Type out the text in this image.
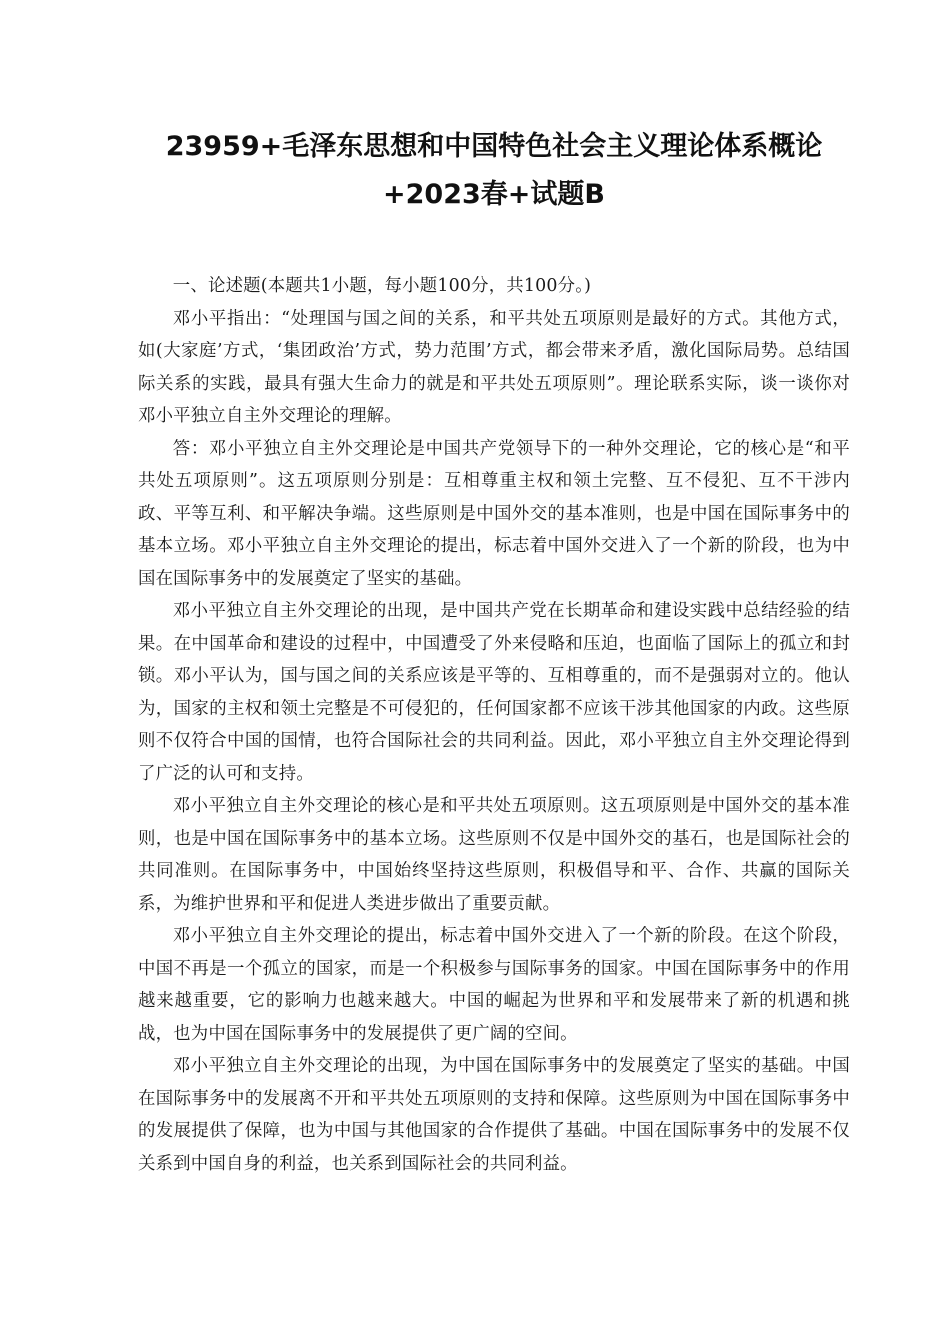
23959+毛泽东思想和中国特色社会主义理论体系概论
+2023春+试题B

一、论述题(本题共1小题，每小题100分，共100分。)

邓小平指出：“处理国与国之间的关系，和平共处五项原则是最好的方式。其他方式，如(大家庭’方式，‘集团政治’方式，势力范围’方式，都会带来矛盾，激化国际局势。总结国际关系的实践，最具有强大生命力的就是和平共处五项原则”。理论联系实际，谈一谈你对邓小平独立自主外交理论的理解。

答：邓小平独立自主外交理论是中国共产党领导下的一种外交理论，它的核心是“和平共处五项原则”。这五项原则分别是：互相尊重主权和领土完整、互不侵犯、互不干涉内政、平等互利、和平解决争端。这些原则是中国外交的基本准则，也是中国在国际事务中的基本立场。邓小平独立自主外交理论的提出，标志着中国外交进入了一个新的阶段，也为中国在国际事务中的发展奠定了坚实的基础。

邓小平独立自主外交理论的出现，是中国共产党在长期革命和建设实践中总结经验的结果。在中国革命和建设的过程中，中国遭受了外来侵略和压迫，也面临了国际上的孤立和封锁。邓小平认为，国与国之间的关系应该是平等的、互相尊重的，而不是强弱对立的。他认为，国家的主权和领土完整是不可侵犯的，任何国家都不应该干涉其他国家的内政。这些原则不仅符合中国的国情，也符合国际社会的共同利益。因此，邓小平独立自主外交理论得到了广泛的认可和支持。

邓小平独立自主外交理论的核心是和平共处五项原则。这五项原则是中国外交的基本准则，也是中国在国际事务中的基本立场。这些原则不仅是中国外交的基石，也是国际社会的共同准则。在国际事务中，中国始终坚持这些原则，积极倡导和平、合作、共赢的国际关系，为维护世界和平和促进人类进步做出了重要贡献。

邓小平独立自主外交理论的提出，标志着中国外交进入了一个新的阶段。在这个阶段，中国不再是一个孤立的国家，而是一个积极参与国际事务的国家。中国在国际事务中的作用越来越重要，它的影响力也越来越大。中国的崛起为世界和平和发展带来了新的机遇和挑战，也为中国在国际事务中的发展提供了更广阔的空间。

邓小平独立自主外交理论的出现，为中国在国际事务中的发展奠定了坚实的基础。中国在国际事务中的发展离不开和平共处五项原则的支持和保障。这些原则为中国在国际事务中的发展提供了保障，也为中国与其他国家的合作提供了基础。中国在国际事务中的发展不仅关系到中国自身的利益，也关系到国际社会的共同利益。
